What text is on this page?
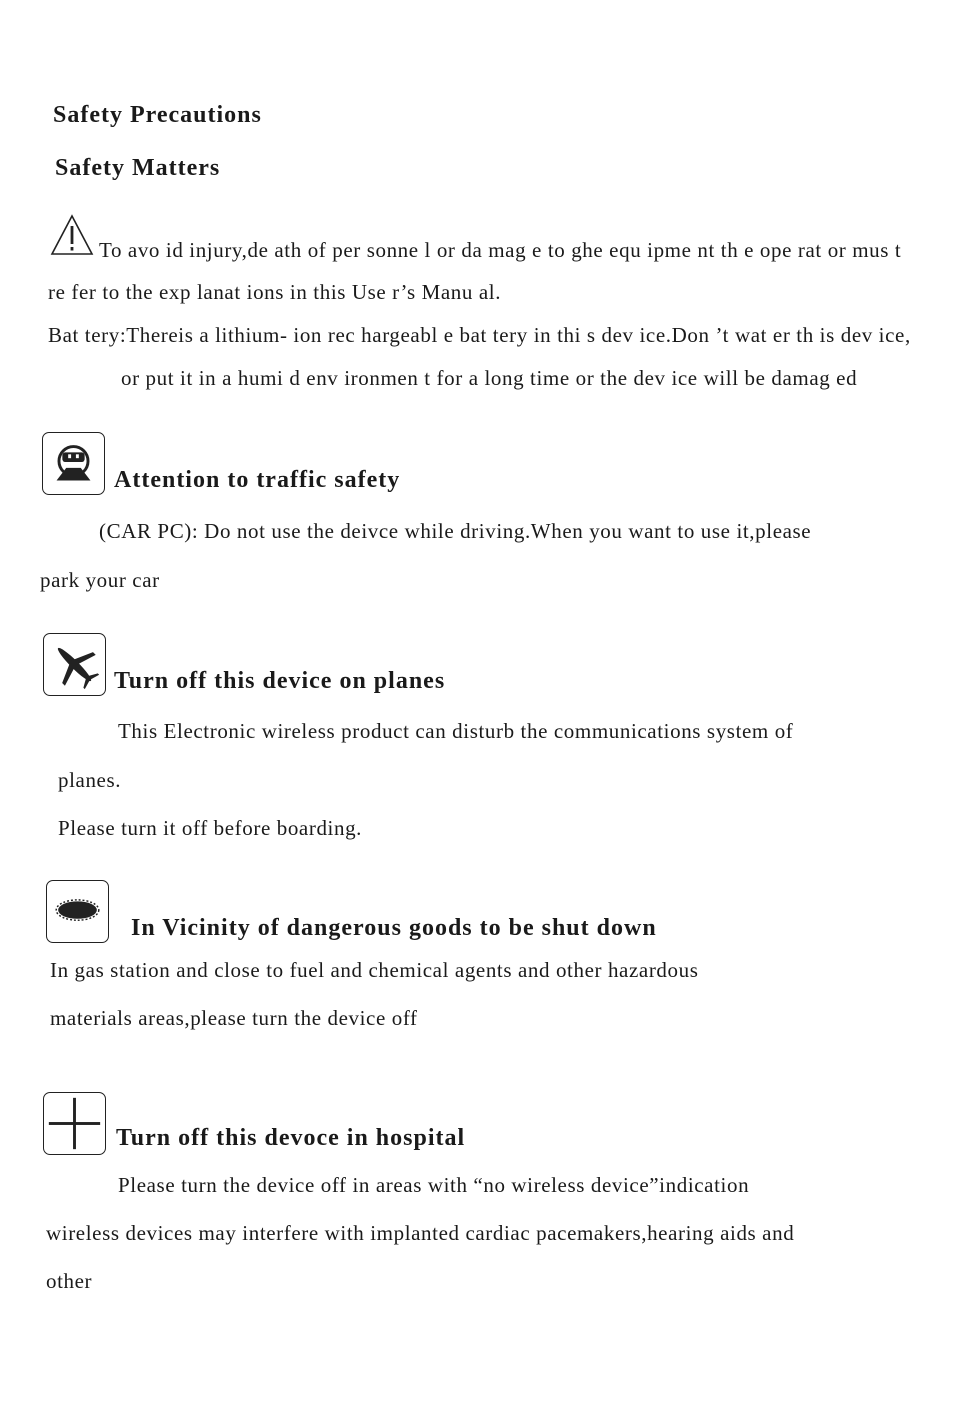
Safety Precautions
Safety Matters
To avo id injury,de ath of per sonne l or da mag e to ghe equ ipme nt th e ope rat or mus t
re fer to the exp lanat ions in this Use r’s Manu al.
Bat tery:Thereis a lithium- ion rec hargeabl e bat tery in thi s dev ice.Don ’t wat er th is dev ice,
or put it in a humi d env ironmen t for a long time or the dev ice will be damag ed
Attention to traffic safety
(CAR PC): Do not use the deivce while driving.When you want to use it,please
park your car
Turn off this device on planes
This Electronic wireless product can disturb the communications system of
planes.
Please turn it off before boarding.
In Vicinity of dangerous goods to be shut down
In gas station and close to fuel and chemical agents and other hazardous
materials areas,please turn the device off
Turn off this devoce in hospital
Please turn the device off in areas with “no wireless device”indication
wireless devices may interfere with implanted cardiac pacemakers,hearing aids and
other
